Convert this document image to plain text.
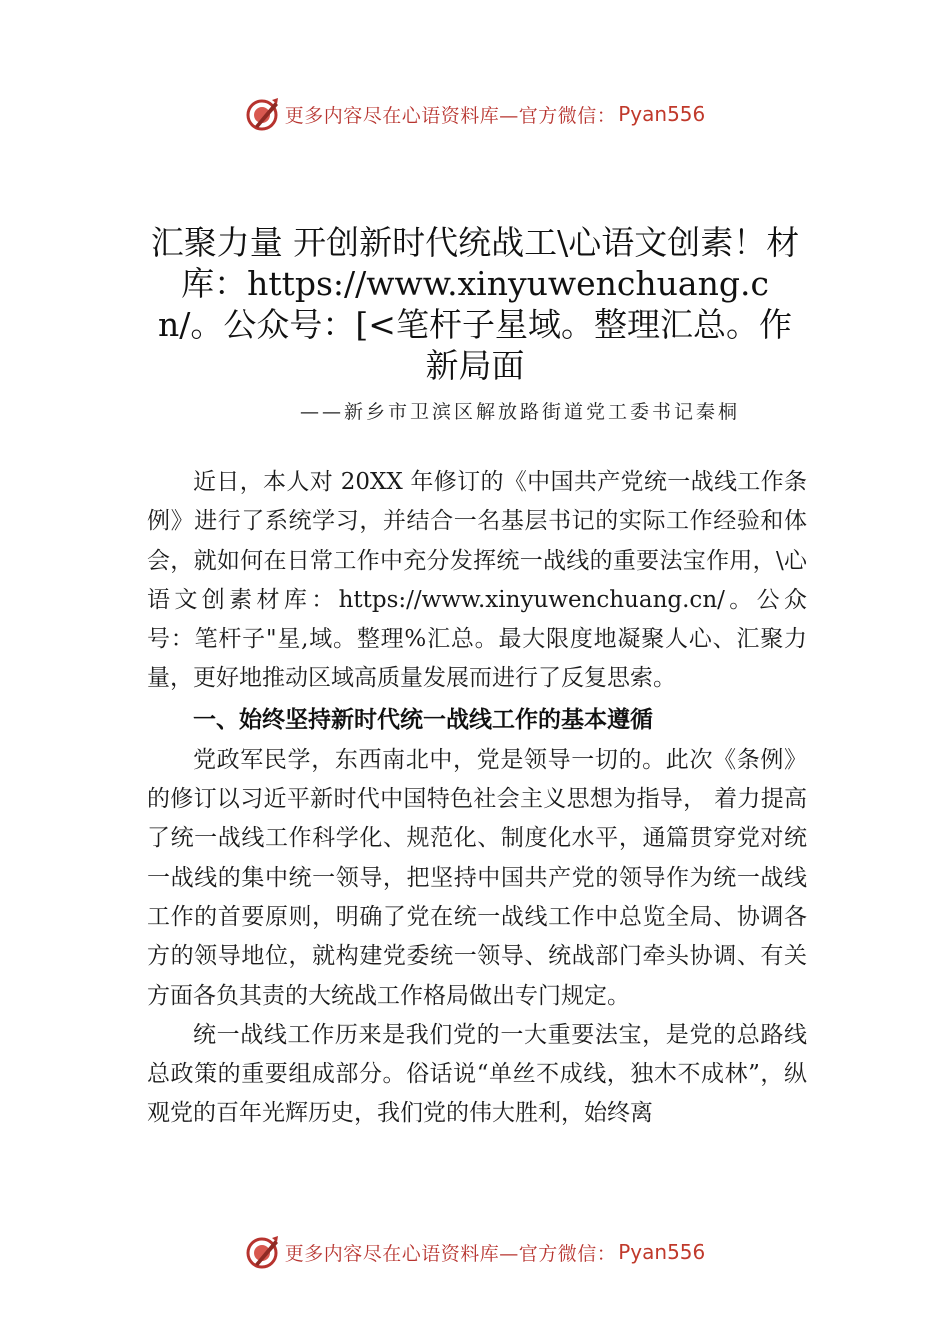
更多内容尽在心语资料库—官方微信： Pyan556
汇聚力量 开创新时代统战工\心语文创素！材库：https://www.xinyuwenchuang.cn/。公众号：[<笔杆子星域。整理汇总。作新局面
——新乡市卫滨区解放路街道党工委书记秦桐

近日，本人对 20XX 年修订的《中国共产党统一战线工作条例》进行了系统学习，并结合一名基层书记的实际工作经验和体会，就如何在日常工作中充分发挥统一战线的重要法宝作用，\心语文创素材库：https://www.xinyuwenchuang.cn/。公众号：笔杆子"星,域。整理%汇总。最大限度地凝聚人心、汇聚力量，更好地推动区域高质量发展而进行了反复思索。

一、始终坚持新时代统一战线工作的基本遵循

党政军民学，东西南北中，党是领导一切的。此次《条例》的修订以习近平新时代中国特色社会主义思想为指导， 着力提高了统一战线工作科学化、规范化、制度化水平，通篇贯穿党对统一战线的集中统一领导，把坚持中国共产党的领导作为统一战线工作的首要原则，明确了党在统一战线工作中总览全局、协调各方的领导地位，就构建党委统一领导、统战部门牵头协调、有关方面各负其责的大统战工作格局做出专门规定。

统一战线工作历来是我们党的一大重要法宝，是党的总路线总政策的重要组成部分。俗话说“单丝不成线，独木不成林”，纵观党的百年光辉历史，我们党的伟大胜利，始终离

更多内容尽在心语资料库—官方微信： Pyan556
